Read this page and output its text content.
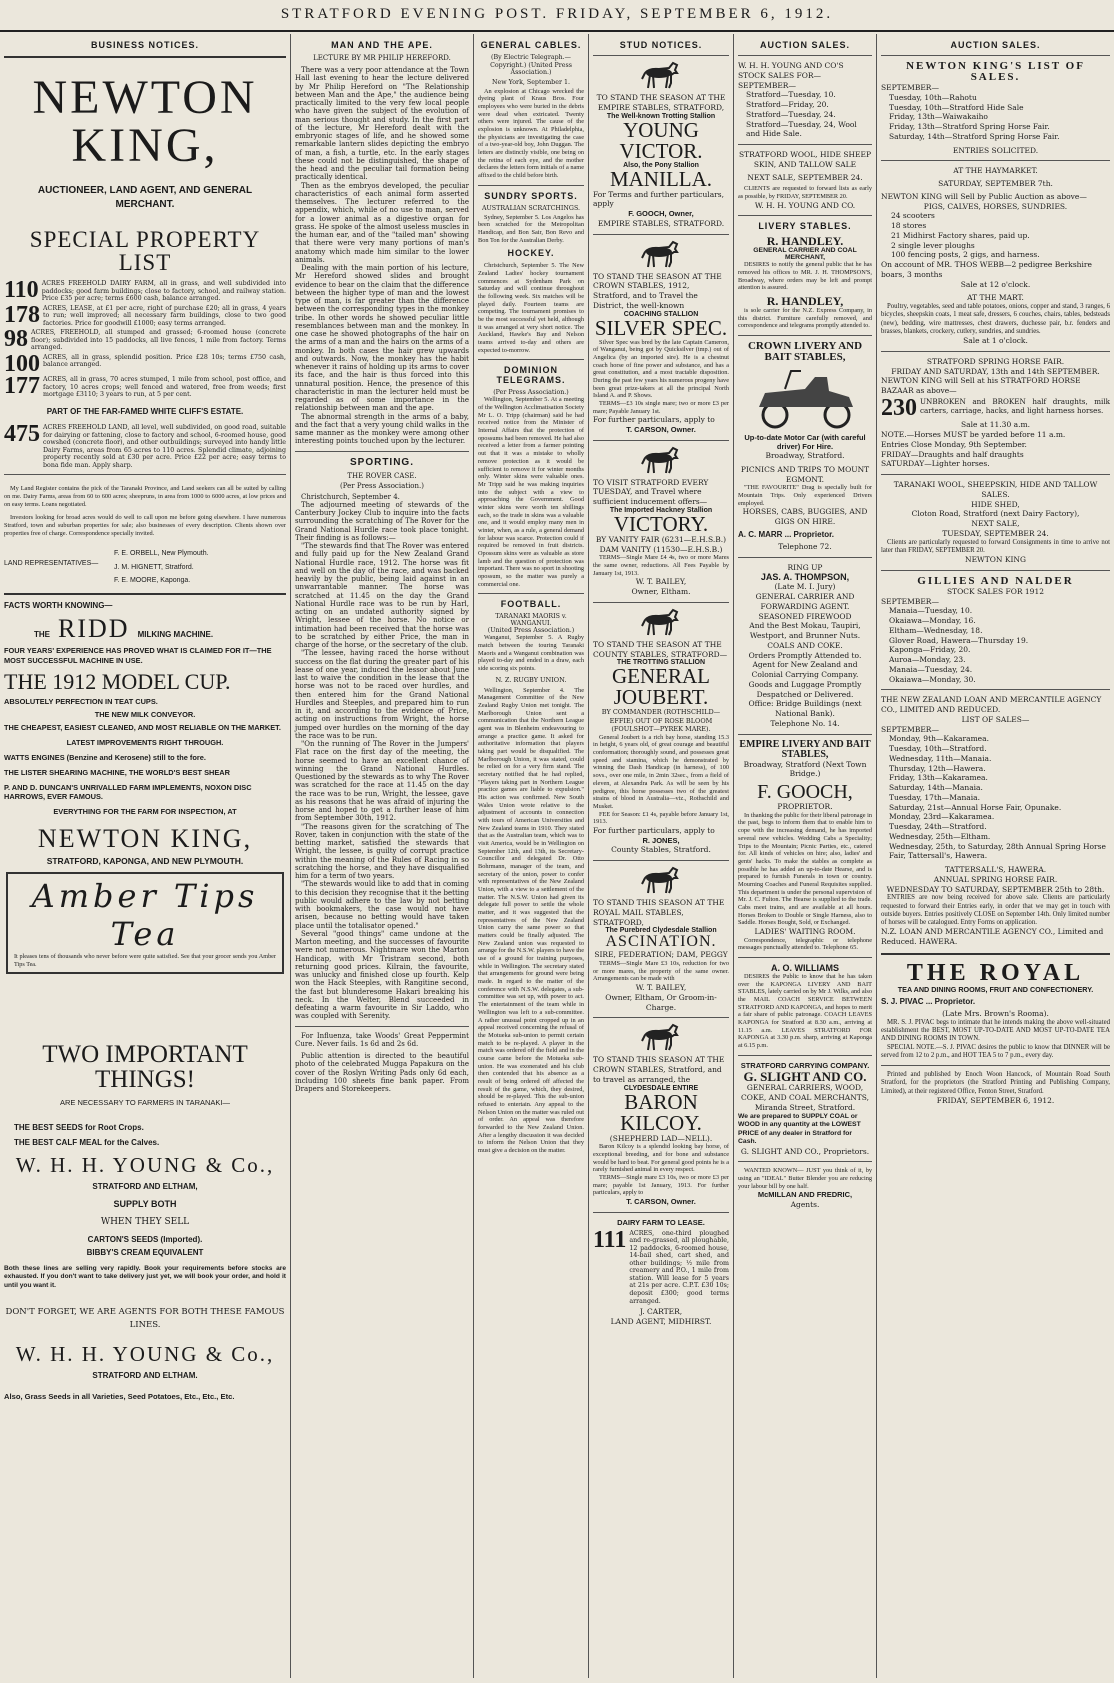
STRATFORD EVENING POST. FRIDAY, SEPTEMBER 6, 1912.
BUSINESS NOTICES.
NEWTON KING,
AUCTIONEER, LAND AGENT, AND GENERAL MERCHANT.
SPECIAL PROPERTY LIST
110 ACRES FREEHOLD DAIRY FARM, all in grass, and well subdivided into paddocks; good farm buildings; close to factory, school, and railway station. Price £35 per acre; terms £600 cash, balance arranged.
178 ACRES, LEASE, at £1 per acre, right of purchase £20; all in grass, 4 years to run; well improved; all necessary farm buildings, close to two good factories. Price for goodwill £1000; easy terms arranged.
98 ACRES, FREEHOLD, all stumped and grassed; 6-roomed house (concrete floor); subdivided into 15 paddocks, all live fences, 1 mile from factory. Terms arranged.
100 ACRES, all in grass, splendid position. Price £28 10s; terms £750 cash, balance arranged.
177 ACRES, all in grass, 70 acres stumped, 1 mile from school, post office, and factory, 10 acres crops; well fenced and watered, free from weeds; first mortgage £3110; 3 years to run, at 5 per cent.
PART OF THE FAR-FAMED WHITE CLIFF'S ESTATE.
475 ACRES FREEHOLD LAND, all level, well subdivided, on good road, suitable for dairying or fattening, close to factory and school, 6-roomed house, good cowshed (concrete floor), and other outbuildings; surveyed into handy little Dairy Farms, areas from 65 acres to 110 acres. Splendid climate, adjoining property recently sold at £30 per acre. Price £22 per acre; easy terms to bona fide man. Apply sharp.

My Land Register contains the pick of the Taranaki Province, and Land seekers can all be suited by calling on me. Dairy Farms, areas from 60 to 600 acres; sheepruns, in area from 1000 to 6000 acres, at low prices and on easy terms. Loans negotiated.

Investors looking for broad acres would do well to call upon me before going elsewhere. I have numerous Stratford, town and suburban properties for sale; also businesses of every description. Clients shown over properties free of charge. Correspondence specially invited.

LAND REPRESENTATIVES—
F. E. ORBELL, New Plymouth.
J. M. HIGNETT, Stratford.
F. E. MOORE, Kaponga.
FACTS WORTH KNOWING—
THE RIDD MILKING MACHINE.
FOUR YEARS' EXPERIENCE HAS PROVED WHAT IS CLAIMED FOR IT—THE MOST SUCCESSFUL MACHINE IN USE.
THE 1912 MODEL CUP.
ABSOLUTELY PERFECTION IN TEAT CUPS.
THE NEW MILK CONVEYOR.
THE CHEAPEST, EASIEST CLEANED, AND MOST RELIABLE ON THE MARKET.
LATEST IMPROVEMENTS RIGHT THROUGH.
WATTS ENGINES (Benzine and Kerosene) still to the fore.
THE LISTER SHEARING MACHINE, THE WORLD'S BEST SHEAR
P. AND D. DUNCAN'S UNRIVALLED FARM IMPLEMENTS, NOXON DISC HARROWS, EVER FAMOUS.
EVERYTHING FOR THE FARM FOR INSPECTION, AT
NEWTON KING,
STRATFORD, KAPONGA, AND NEW PLYMOUTH.
Amber Tips Tea
It pleases tens of thousands who never before were quite satisfied. See that your grocer sends you Amber Tips Tea.
TWO IMPORTANT THINGS!
ARE NECESSARY TO FARMERS IN TARANAKI—
THE BEST SEEDS for Root Crops.
THE BEST CALF MEAL for the Calves.
W. H. H. YOUNG & Co.,
STRATFORD AND ELTHAM,
SUPPLY BOTH
WHEN THEY SELL
CARTON'S SEEDS (Imported).
BIBBY'S CREAM EQUIVALENT
Both these lines are selling very rapidly. Book your requirements before stocks are exhausted. If you don't want to take delivery just yet, we will book your order, and hold it until you want it.
DON'T FORGET, WE ARE AGENTS FOR BOTH THESE FAMOUS LINES.
W. H. H. YOUNG & Co.,
STRATFORD AND ELTHAM.
Also, Grass Seeds in all Varieties, Seed Potatoes, Etc., Etc., Etc.
MAN AND THE APE.
LECTURE BY MR PHILIP HEREFORD.

There was a very poor attendance at the Town Hall last evening to hear the lecture delivered by Mr Philip Hereford on "The Relationship between Man and the Ape," the audience being practically limited to the very few local people who have given the subject of the evolution of man serious thought and study. In the first part of the lecture, Mr Hereford dealt with the embryonic stages of life, and he showed some remarkable lantern slides depicting the embryo of man, a fish, a turtle, etc. In the early stages these could not be distinguished, the shape of the head and the peculiar tail formation being practically identical.

Then as the embryos developed, the peculiar characteristics of each animal form asserted themselves. The lecturer referred to the appendix, which, while of no use to man, served for a lower animal as a digestive organ for grass. He spoke of the almost useless muscles in the human ear, and of the "tailed man" showing that there were very many portions of man's anatomy which made him similar to the lower animals.

Dealing with the main portion of his lecture, Mr Hereford showed slides and brought evidence to bear on the claim that the difference between the higher type of man and the lowest type of man, is far greater than the difference between the corresponding types in the monkey tribe. In other words he showed peculiar little resemblances between man and the monkey. In one case he showed photographs of the hair on the arms of a man and the hairs on the arms of a monkey. In both cases the hair grew upwards and outwards. Now, the monkey has the habit whenever it rains of holding up its arms to cover its face, and the hair is thus forced into this unnatural position. Hence, the presence of this characteristic in man the lecturer held must be regarded as of some importance in the relationship between man and the ape.

The abnormal strength in the arms of a baby, and the fact that a very young child walks in the same manner as the monkey were among other interesting points touched upon by the lecturer.

SPORTING.
THE ROVER CASE.
(Per Press Association.)

Christchurch, September 4.

The adjourned meeting of stewards of the Canterbury Jockey Club to inquire into the facts surrounding the scratching of The Rover for the Grand National Hurdle race took place tonight. Their finding is as follows:—

"The stewards find that The Rover was entered and fully paid up for the New Zealand Grand National Hurdle race, 1912. The horse was fit and well on the day of the race, and was backed heavily by the public, being laid against in an unwarrantable manner. The horse was scratched at 11.45 on the day the Grand National Hurdle race was to be run by Harl, acting on an undated authority signed by Wright, lessee of the horse. No notice or intimation had been received that the horse was to be scratched by either Price, the man in charge of the horse, or the secretary of the club.

"The lessee, having raced the horse without success on the flat during the greater part of his lease of one year, induced the lessor about June last to waive the condition in the lease that the horse was not to be raced over hurdles, and then entered him for the Grand National Hurdles and Steeples, and prepared him to run in it, and according to the evidence of Price, acting on instructions from Wright, the horse jumped over hurdles on the morning of the day the race was to be run.

"On the running of The Rover in the Jumpers' Flat race on the first day of the meeting, the horse seemed to have an excellent chance of winning the Grand National Hurdles. Questioned by the stewards as to why The Rover was scratched for the race at 11.45 on the day the race was to be run, Wright, the lessee, gave as his reasons that he was afraid of injuring the horse and hoped to get a further lease of him from September 30th, 1912.

"The reasons given for the scratching of The Rover, taken in conjunction with the state of the betting market, satisfied the stewards that Wright, the lessee, is guilty of corrupt practice within the meaning of the Rules of Racing in so scratching the horse, and they have disqualified him for a term of two years.

"The stewards would like to add that in coming to this decision they recognise that it the betting public would adhere to the law by not betting with bookmakers, the case would not have arisen, because no betting would have taken place until the totalisator opened."

Several "good things" came undone at the Marton meeting, and the successes of favourite were not numerous. Nightmare won the Marton Handicap, with Mr Tristram second, both returning good prices. Kilrain, the favourite, was unlucky and finished close up fourth. Kelp won the Hack Steeples, with Rangitine second, the fast but blunderesome Hakari breaking his neck. In the Welter, Blend succeeded in defeating a warm favourite in Sir Laddo, who was coupled with Serenity.

For Influenza, take Woods' Great Peppermint Cure. Never fails. 1s 6d and 2s 6d.

Public attention is directed to the beautiful photo of the celebrated Mugga Papakura on the cover of the Roslyn Writing Pads only 6d each, including 100 sheets fine bank paper. From Drapers and Storekeepers.

GENERAL CABLES.
(By Electric Telegraph.—Copyright.) (United Press Association.)
New York, September 1.

An explosion at Chicago wrecked the dyeing plant of Kraus Bros. Four employees who were buried in the debris were dead when extricated. Twenty others were injured. The cause of the explosion is unknown. At Philadelphia, the physicians are investigating the case of a two-year-old boy, John Duggan. The letters are distinctly visible, one being on the retina of each eye, and the mother declares the letters form initials of a name affixed to the child before birth.

SUNDRY SPORTS.
AUSTRALIAN SCRATCHINGS.

Sydney, September 5. Los Angelos has been scratched for the Metropolitan Handicap, and Bon Sair, Bon Revo and Bon Ton for the Australian Derby.

HOCKEY.

Christchurch, September 5. The New Zealand Ladies' hockey tournament commences at Sydenham Park on Saturday and will continue throughout the following week. Six matches will be played daily. Fourteen teams are competing. The tournament promises to be the most successful yet held, although it was arranged at very short notice. The Auckland, Hawke's Bay and Nelson teams arrived to-day and others are expected to-morrow.

DOMINION TELEGRAMS.
(Per Press Association.)

Wellington, September 5. At a meeting of the Wellington Acclimatisation Society Mr L. O. Tripp (chairman) said he had received notice from the Minister of Internal Affairs that the protection of opossums had been removed. He had also received a letter from a farmer pointing out that it was a mistake to wholly remove protection as it would be sufficient to remove it for winter months only. Winter skins were valuable ones. Mr Tripp said he was making inquiries into the subject with a view to approaching the Government. Good winter skins were worth ten shillings each, so the trade in skins was a valuable one, and it would employ many men in winter, when, as a rule, a general demand for labour was scarce. Protection could if required be removed in fruit districts. Opossum skins were as valuable as store lamb and the question of protection was important. There was no sport in shooting opossum, so the matter was purely a commercial one.

FOOTBALL.
TARANAKI MAORIS v. WANGANUI.
(United Press Association.)

Wanganui, September 5. A Rugby match between the touring Taranaki Maoris and a Wanganui combination was played to-day and ended in a draw, each side scoring six points.

N. Z. RUGBY UNION.

Wellington, September 4. The Management Committee of the New Zealand Rugby Union met tonight. The Marlborough Union sent a communication that the Northern League agent was in Blenheim endeavouring to arrange a practice game. It asked for authoritative information that players taking part would be disqualified. The Marlborough Union, it was stated, could be relied on for a very firm stand. The secretary notified that he had replied, "Players taking part in Northern League practice games are liable to expulsion." His action was confirmed. New South Wales Union wrote relative to the adjustment of accounts in connection with tours of American Universities and New Zealand teams in 1910. They stated that as the Australian team, which was to visit America, would be in Wellington on September 12th, and 13th, its Secretary-Councillor and delegated Dr. Otto Bohrmann, manager of the team, and secretary of the union, power to confer with representatives of the New Zealand Union, with a view to a settlement of the matter. The N.S.W. Union had given its delegate full power to settle the whole matter, and it was suggested that the representatives of the New Zealand Union carry the same power so that matters could be finally adjusted. The New Zealand union was requested to arrange for the N.S.W. players to have the use of a ground for training purposes, while in Wellington. The secretary stated that arrangements for ground were being made. In regard to the matter of the conference with N.S.W. delegates, a sub-committee was set up, with power to act. The entertainment of the team while in Wellington was left to a sub-committee. A rather unusual point cropped up in an appeal received concerning the refusal of the Motueka sub-union to permit certain match to be re-played. A player in the match was ordered off the field and in the course came before the Motueka sub-union. He was exonerated and his club then contended that his absence as a result of being ordered off affected the result of the game, which, they desired, should be re-played. This the sub-union refused to entertain. Any appeal to the Nelson Union on the matter was ruled out of order. An appeal was therefore forwarded to the New Zealand Union. After a lengthy discussion it was decided to inform the Nelson Union that they must give a decision on the matter.

STUD NOTICES.
TO STAND THE SEASON AT THE EMPIRE STABLES, STRATFORD,
The Well-known Trotting Stallion
YOUNG VICTOR.
Also, the Pony Stallion
MANILLA.
For Terms and further particulars, apply
F. GOOCH, Owner,
EMPIRE STABLES, STRATFORD.
TO STAND THE SEASON AT THE CROWN STABLES, 1912, Stratford, and to Travel the District, the well-known
COACHING STALLION
SILVER SPEC.

Silver Spec was bred by the late Captain Cameron, of Wanganui, being got by Quicksilver (imp.) out of Angelica (by an imported sire). He is a chestnut coach horse of fine power and substance, and has a great constitution, and a most tractable disposition. During the past few years his numerous progeny have been great prize-takers at all the principal North Island A. and P. Shows.

TERMS—£3 10s single mare; two or more £3 per mare; Payable January 1st.

For further particulars, apply to
T. CARSON, Owner.
TO VISIT STRATFORD EVERY TUESDAY, and Travel where sufficient inducement offers—
The Imported Hackney Stallion
VICTORY.
BY VANITY FAIR (6231—E.H.S.B.) DAM VANITY (11530—E.H.S.B.)

TERMS—Single Mare £4 4s, two or more Mares the same owner, reductions. All Fees Payable by January 1st, 1913.

W. T. BAILEY,
Owner, Eltham.
TO STAND THE SEASON AT THE COUNTY STABLES, STRATFORD—
THE TROTTING STALLION
GENERAL JOUBERT.
BY COMMANDER (ROTHSCHILD—EFFIE) OUT OF ROSE BLOOM (FOULSHOT—PYREK MARE).

General Joubert is a rich bay horse, standing 15.3 in height, 6 years old, of great courage and beautiful conformation; thoroughly sound, and possesses great speed and stamina, which he demonstrated by winning the Dash Handicap (in harness), of 100 sovs., over one mile, in 2min 32sec., from a field of eleven, at Alexandra Park. As will be seen by his pedigree, this horse possesses two of the greatest strains of blood in Australia—viz., Rothschild and Musket.

FEE for Season: £1 4s, payable before January 1st, 1913.

For further particulars, apply to
R. JONES,
County Stables, Stratford.
TO STAND THIS SEASON AT THE ROYAL MAIL STABLES, STRATFORD,
The Purebred Clydesdale Stallion
ASCINATION.
SIRE, FEDERATION; DAM, PEGGY

TERMS—Single Mare £3 10s, reduction for two or more mares, the property of the same owner. Arrangements can be made with

W. T. BAILEY,
Owner, Eltham, Or Groom-in-Charge.
TO STAND THIS SEASON AT THE CROWN STABLES, Stratford, and to travel as arranged, the
CLYDESDALE ENTIRE
BARON KILCOY.
(SHEPHERD LAD—NELL).

Baron Kilcoy is a splendid looking bay horse, of exceptional breeding, and for bone and substance would be hard to beat. For general good points he is a rarely furnished animal in every respect.

TERMS—Single mare £3 10s, two or more £3 per mare; payable 1st January, 1913. For further particulars, apply to

T. CARSON, Owner.
DAIRY FARM TO LEASE.
111 ACRES, one-third ploughed and re-grassed, all ploughable, 12 paddocks, 6-roomed house, 14-bail shed, cart shed, and other buildings; ½ mile from creamery and P.O., 1 mile from station. Will lease for 5 years at 21s per acre. C.P.T. £30 10s; deposit £300; good terms arranged.
J. CARTER,
LAND AGENT, MIDHIRST.
AUCTION SALES.
W. H. H. YOUNG AND CO'S STOCK SALES FOR—
SEPTEMBER—
Stratford—Tuesday, 10.
Stratford—Friday, 20.
Stratford—Tuesday, 24.
Stratford—Tuesday, 24, Wool and Hide Sale.
STRATFORD WOOL, HIDE SHEEP SKIN, AND TALLOW SALE
NEXT SALE, SEPTEMBER 24.

CLIENTS are requested to forward lists as early as possible, by FRIDAY, SEPTEMBER 20.

W. H. H. YOUNG AND CO.
LIVERY STABLES.
R. HANDLEY.
GENERAL CARRIER AND COAL MERCHANT,

DESIRES to notify the general public that he has removed his offices to MR. J. H. THOMPSON'S, Broadway, where orders may be left and prompt attention is assured.

R. HANDLEY,

is sole carrier for the N.Z. Express Company, in this district. Furniture carefully removed, and correspondence and telegrams promptly attended to.

CROWN LIVERY AND BAIT STABLES,
Up-to-date Motor Car (with careful driver) For Hire.
Broadway, Stratford.
PICNICS AND TRIPS TO MOUNT EGMONT.

"THE FAVOURITE" Drag is specially built for Mountain Trips. Only experienced Drivers employed.

HORSES, CABS, BUGGIES, AND GIGS ON HIRE.
A. C. MARR ... Proprietor.
Telephone 72.
RING UP
JAS. A. THOMPSON,
(Late M. I. Jury)
GENERAL CARRIER AND FORWARDING AGENT.
SEASONED FIREWOOD
And the Best Mokau, Taupiri, Westport, and Brunner Nuts.
COALS AND COKE.
Orders Promptly Attended to.
Agent for New Zealand and Colonial Carrying Company.
Goods and Luggage Promptly Despatched or Delivered.
Office: Bridge Buildings (next National Bank).
Telephone No. 14.
EMPIRE LIVERY AND BAIT STABLES,
Broadway, Stratford (Next Town Bridge.)
F. GOOCH,
PROPRIETOR.

In thanking the public for their liberal patronage in the past, begs to inform them that to enable him to cope with the increasing demand, he has imported several new vehicles. Wedding Cabs a Speciality; Trips to the Mountain; Picnic Parties, etc., catered for. All kinds of vehicles on hire; also, ladies' and gents' hacks. To make the stables as complete as possible he has added an up-to-date Hearse, and is prepared to furnish Funerals in town or country. Mourning Coaches and Funeral Requisites supplied. This department is under the personal supervision of Mr. J. C. Fulton. The Hearse is supplied to the trade. Cabs meet trains, and are available at all hours. Horses Broken to Double or Single Harness, also to Saddle. Horses Bought, Sold, or Exchanged.

LADIES' WAITING ROOM.

Correspondence, telegraphic or telephone messages punctually attended to. Telephone 65.

A. O. WILLIAMS

DESIRES the Public to know that he has taken over the KAPONGA LIVERY AND BAIT STABLES, lately carried on by Mr J. Wilks, and also the MAIL COACH SERVICE BETWEEN STRATFORD AND KAPONGA, and hopes to merit a fair share of public patronage. COACH LEAVES KAPONGA for Stratford at 8.30 a.m., arriving at 11.15 a.m. LEAVES STRATFORD FOR KAPONGA at 3.30 p.m. sharp, arriving at Kaponga at 6.15 p.m.

STRATFORD CARRYING COMPANY.
G. SLIGHT AND CO.
GENERAL CARRIERS, WOOD, COKE, AND COAL MERCHANTS,
Miranda Street, Stratford.
We are prepared to SUPPLY COAL or WOOD in any quantity at the LOWEST PRICE of any dealer in Stratford for Cash.
G. SLIGHT AND CO., Proprietors.

WANTED KNOWN— JUST you think of it, by using an "IDEAL" Butter Blender you are reducing your labour bill by one half.

McMILLAN AND FREDRIC,
Agents.
AUCTION SALES.
NEWTON KING'S LIST OF SALES.
SEPTEMBER—
Tuesday, 10th—Rahotu
Tuesday, 10th—Stratford Hide Sale
Friday, 13th—Waiwakaiho
Friday, 13th—Stratford Spring Horse Fair.
Saturday, 14th—Stratford Spring Horse Fair.
ENTRIES SOLICITED.
AT THE HAYMARKET.
SATURDAY, SEPTEMBER 7th.
NEWTON KING will Sell by Public Auction as above—
PIGS, CALVES, HORSES, SUNDRIES.
24 scooters
18 stores
21 Midhirst Factory shares, paid up.
2 single lever ploughs
100 fencing posts, 2 gigs, and harness.
On account of MR. THOS WEBB—2 pedigree Berkshire boars, 3 months
Sale at 12 o'clock.
AT THE MART.

Poultry, vegetables, seed and table potatoes, onions, copper and stand, 3 ranges, 6 bicycles, sheepskin coats, 1 meat safe, dressers, 6 couches, chairs, tables, bedsteads (new), bedding, wire mattresses, chest drawers, duchesse pair, b.r. fenders and brasses, blankets, crockery, cutlery, sundries, and sundries.

Sale at 1 o'clock.
STRATFORD SPRING HORSE FAIR.
FRIDAY AND SATURDAY, 13th and 14th SEPTEMBER.
NEWTON KING will Sell at his STRATFORD HORSE BAZAAR as above—
230 UNBROKEN and BROKEN half draughts, milk carters, carriage, hacks, and light harness horses.
Sale at 11.30 a.m.
NOTE.—Horses MUST be yarded before 11 a.m.
Entries Close Monday, 9th September.
FRIDAY—Draughts and half draughts
SATURDAY—Lighter horses.
TARANAKI WOOL, SHEEPSKIN, HIDE AND TALLOW SALES.
HIDE SHED,
Cloton Road, Stratford (next Dairy Factory),
NEXT SALE,
TUESDAY, SEPTEMBER 24.

Clients are particularly requested to forward Consignments in time to arrive not later than FRIDAY, SEPTEMBER 20.

NEWTON KING
GILLIES AND NALDER
STOCK SALES FOR 1912
SEPTEMBER—
Manaia—Tuesday, 10.
Okaiawa—Monday, 16.
Eltham—Wednesday, 18.
Glover Road, Hawera—Thursday 19.
Kaponga—Friday, 20.
Auroa—Monday, 23.
Manaia—Tuesday, 24.
Okaiawa—Monday, 30.
THE NEW ZEALAND LOAN AND MERCANTILE AGENCY CO., LIMITED AND REDUCED.
LIST OF SALES—
SEPTEMBER—
Monday, 9th—Kakaramea.
Tuesday, 10th—Stratford.
Wednesday, 11th—Manaia.
Thursday, 12th—Hawera.
Friday, 13th—Kakaramea.
Saturday, 14th—Manaia.
Tuesday, 17th—Manaia.
Saturday, 21st—Annual Horse Fair, Opunake.
Monday, 23rd—Kakaramea.
Tuesday, 24th—Stratford.
Wednesday, 25th—Eltham.
Wednesday, 25th, to Saturday, 28th Annual Spring Horse Fair, Tattersall's, Hawera.
TATTERSALL'S, HAWERA.
ANNUAL SPRING HORSE FAIR.
WEDNESDAY TO SATURDAY, SEPTEMBER 25th to 28th.

ENTRIES are now being received for above sale. Clients are particularly requested to forward their Entries early, in order that we may get in touch with outside buyers. Entries positively CLOSE on September 14th. Only limited number of horses will be catalogued. Entry Forms on application.

N.Z. LOAN AND MERCANTILE AGENCY CO., Limited and Reduced. HAWERA.
THE ROYAL
TEA AND DINING ROOMS, FRUIT AND CONFECTIONERY.
S. J. PIVAC ... Proprietor.
(Late Mrs. Brown's Rooma).

MR. S. J. PIVAC begs to intimate that he intends making the above well-situated establishment the BEST, MOST UP-TO-DATE AND MOST UP-TO-DATE TEA AND DINING ROOMS IN TOWN.

SPECIAL NOTE.—S. J. PIVAC desires the public to know that DINNER will be served from 12 to 2 p.m., and HOT TEA 5 to 7 p.m., every day.

Printed and published by Enoch Woon Hancock, of Mountain Road South Stratford, for the proprietors (the Stratford Printing and Publishing Company, Limited), at their registered Office, Fenton Street, Stratford.

FRIDAY, SEPTEMBER 6, 1912.
